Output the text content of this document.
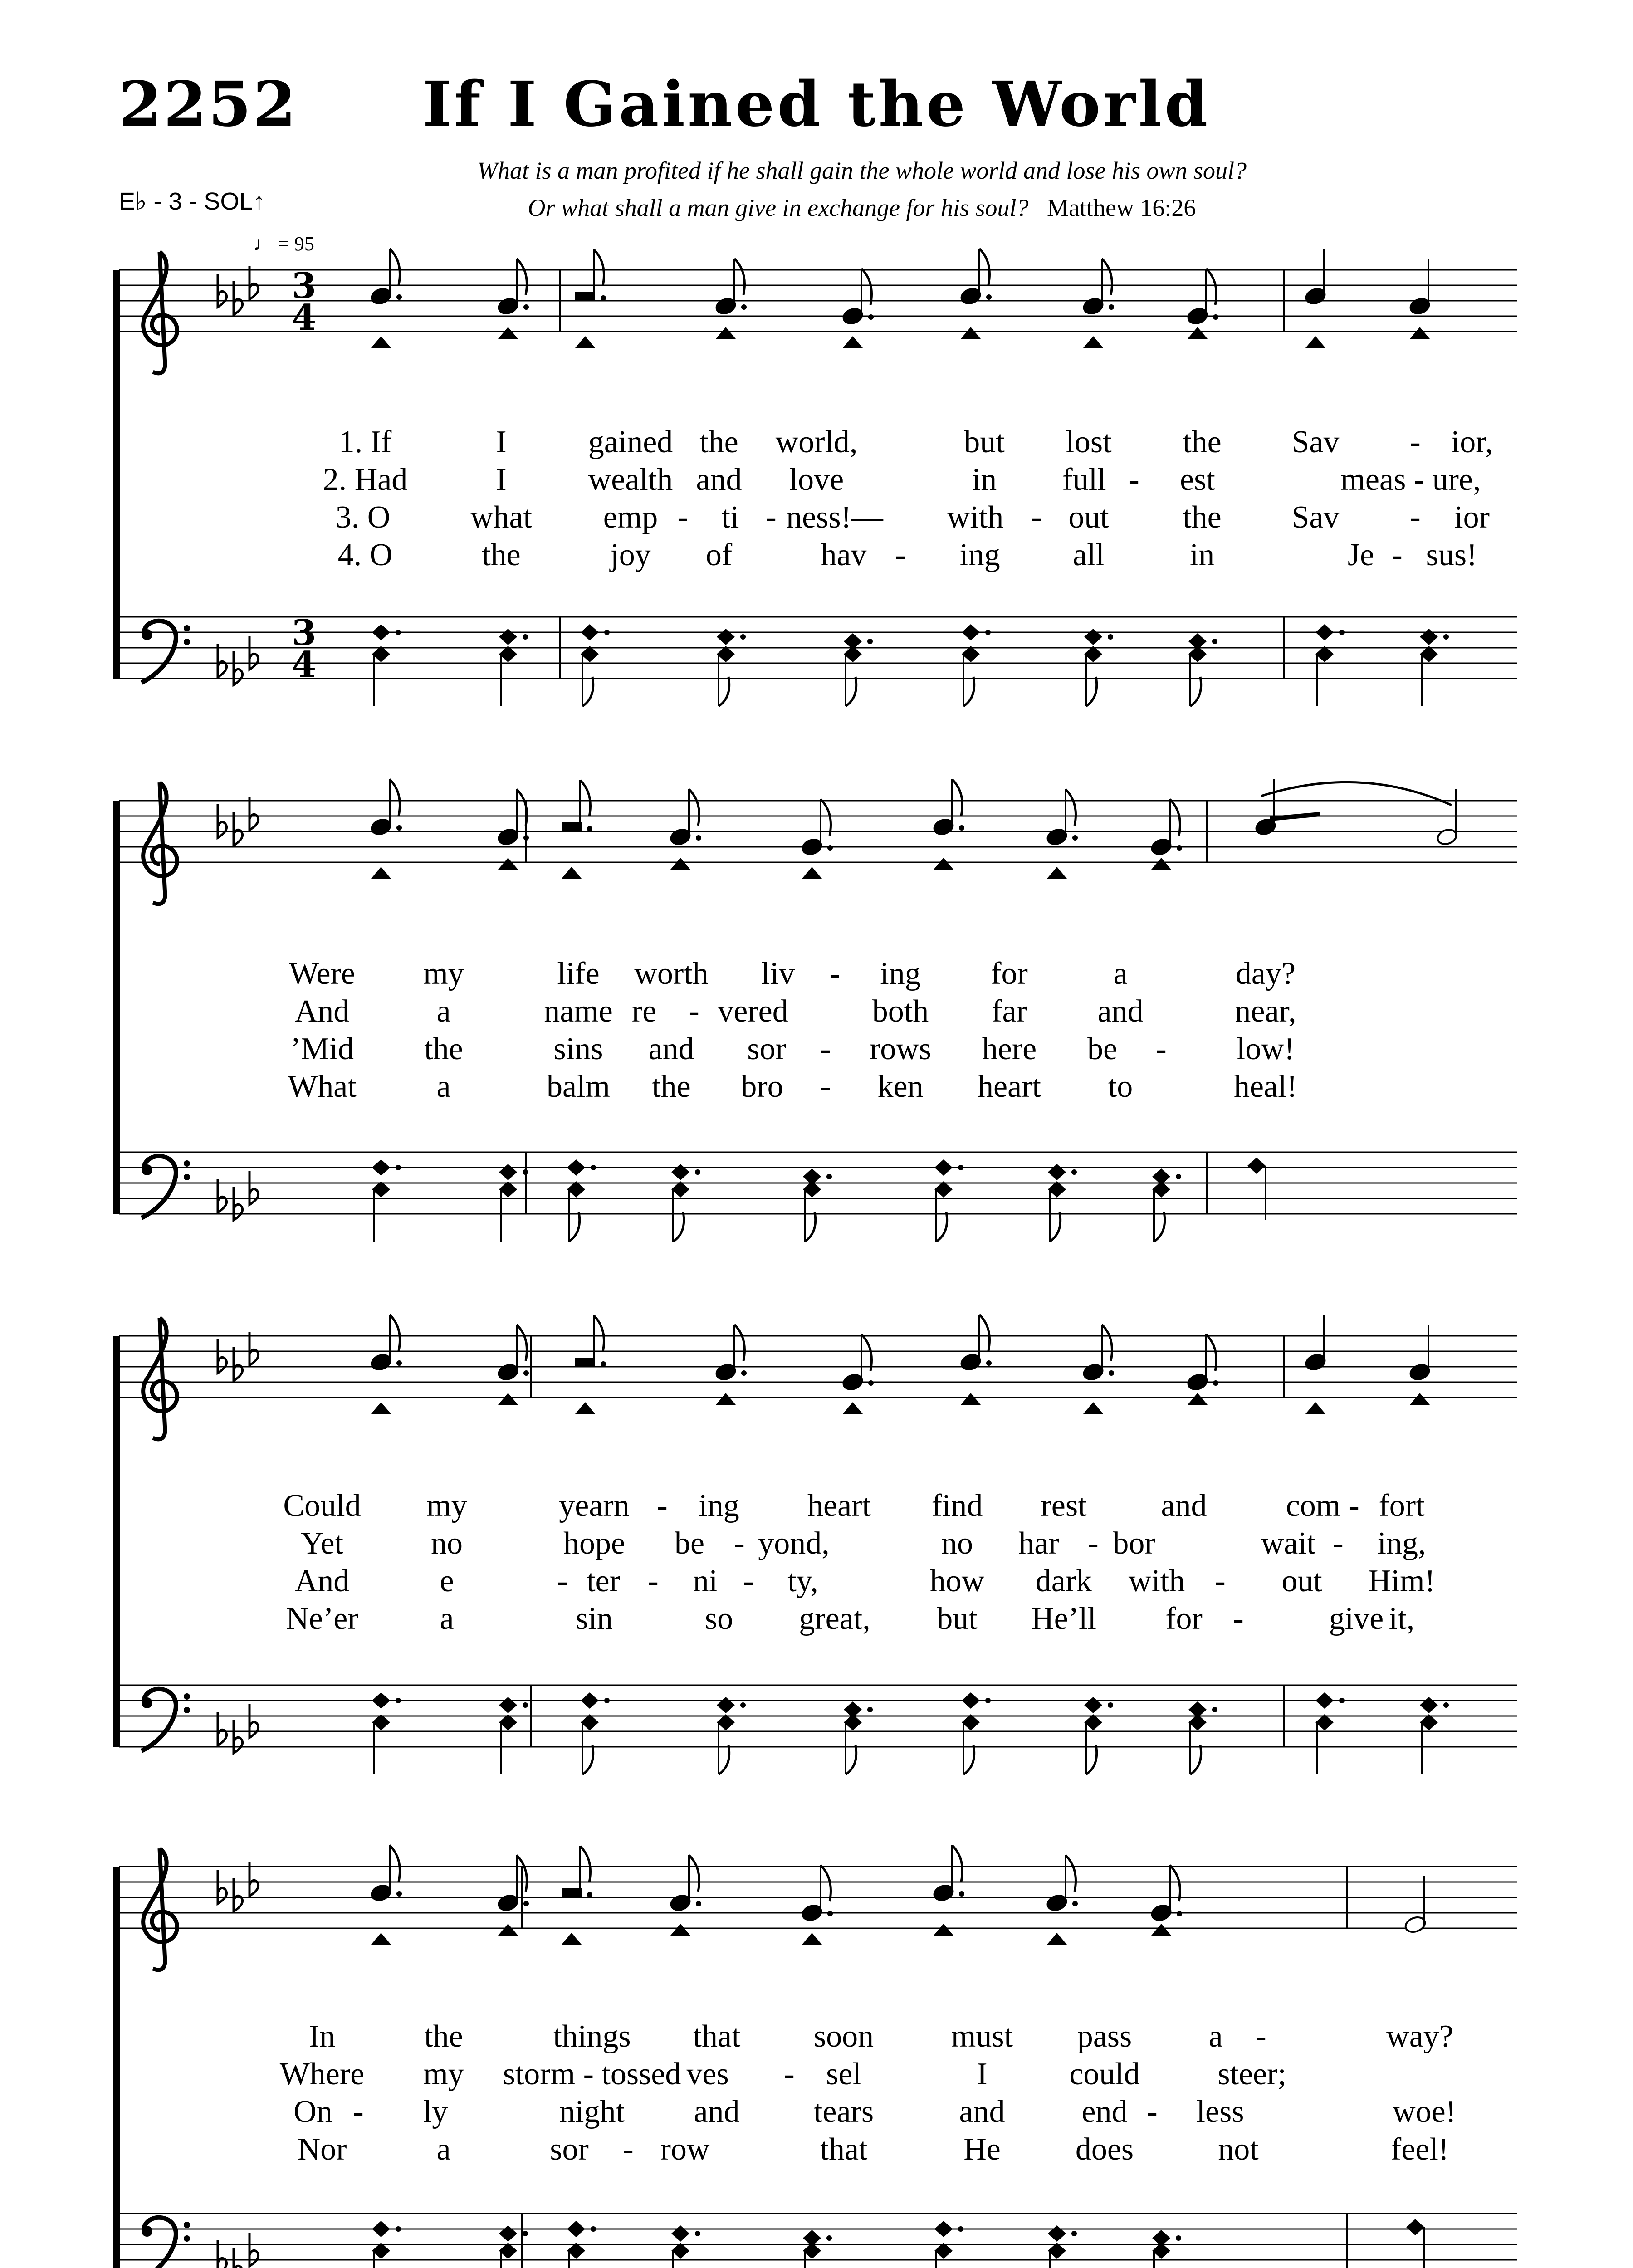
2252	If I Gained the World
What is a man profited if he shall gain the whole world and lose his own soul?
Or what shall a man give in exchange for his soul? Matthew 16:26
E♭ - 3 - SOL↑
♩ = 95
3
4
3
4
1. If	I	gained the world,	but lost the Sav - ior,
2. Had	I	wealth and love	in full - est	meas - ure,
3. O	what emp - ti - ness!— with - out the Sav - ior
4. O	the	joy of	hav - ing all	in	Je - sus!
Were my	life worth liv - ing for	a	day?
And	a	name re - vered	both far and	near,
’Mid the	sins and sor - rows here be - low!
What	a	balm the bro - ken heart to	heal!
Could my	yearn - ing heart find rest and com - fort
Yet	no	hope be - yond,	no har - bor	wait - ing,
And	e	- ter - ni - ty,	how dark with - out Him!
Ne’er	a	sin	so great, but He’ll for -	give it,
In	the	things that soon must pass a -	way?
Where my storm - tossed ves - sel	I	could steer;
On - ly	night and tears	and end - less	woe!
Nor	a	sor - row	that	He does	not	feel!
